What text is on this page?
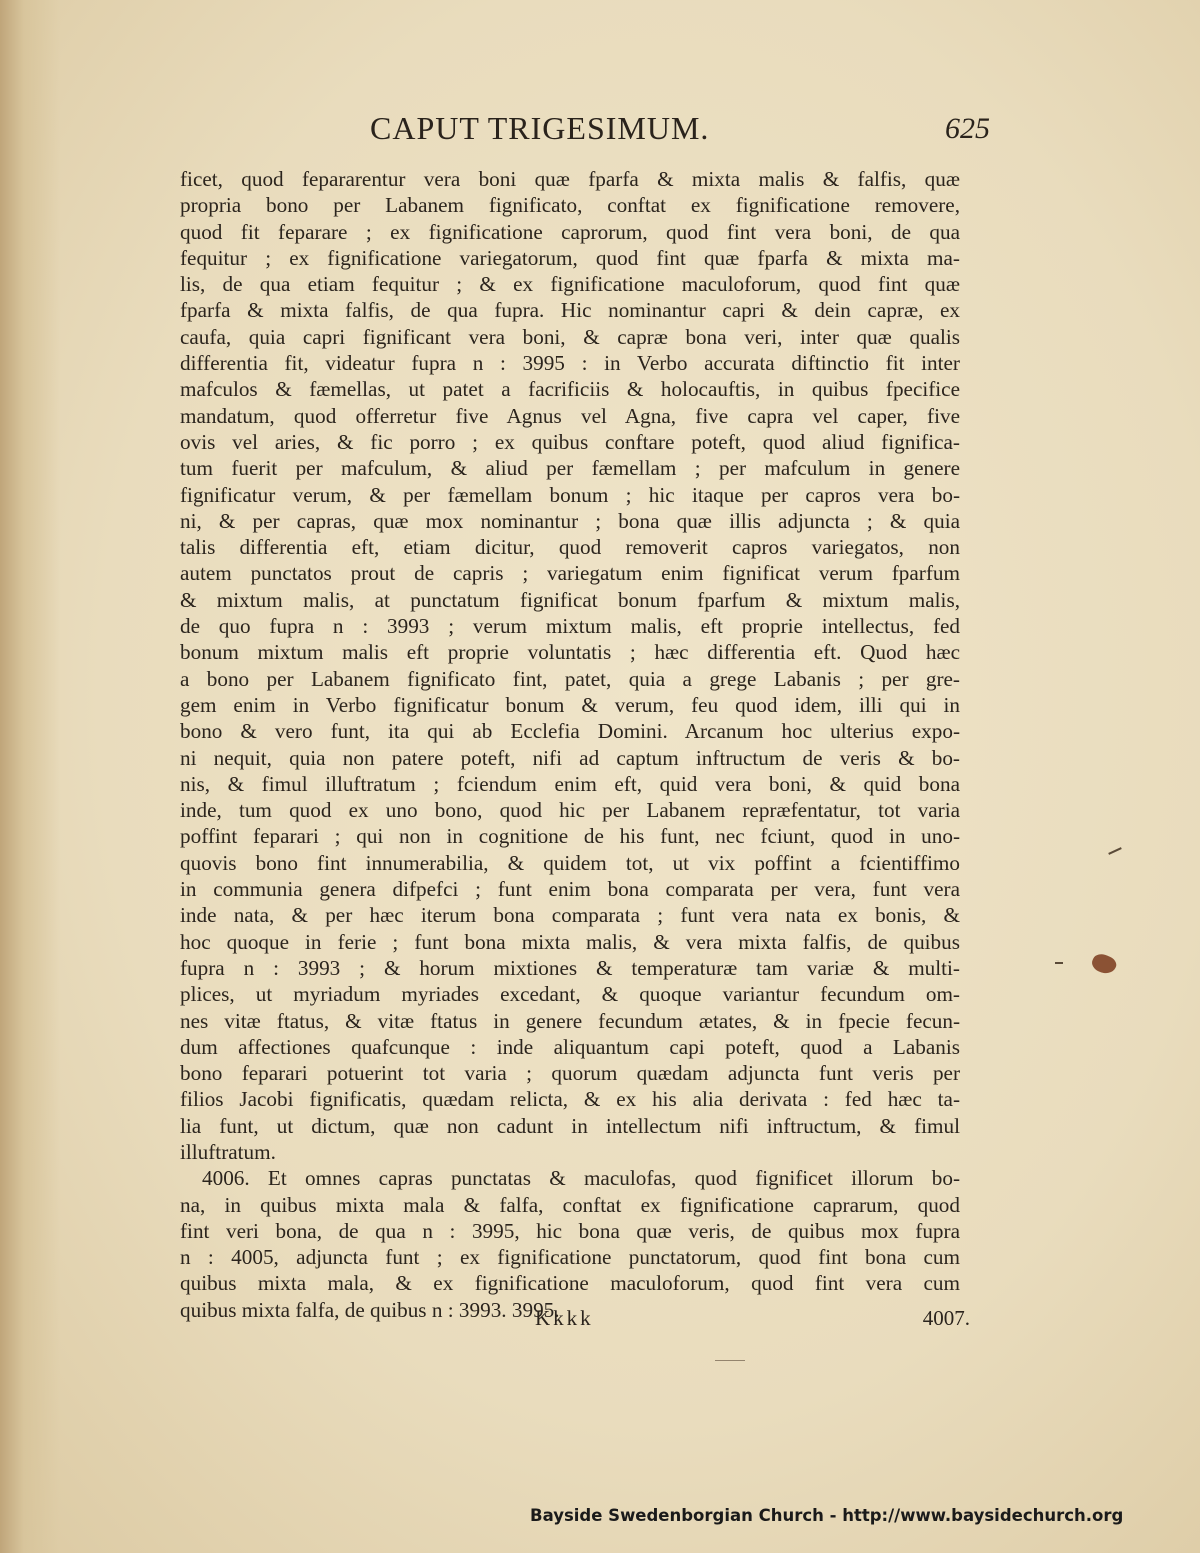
CAPUT TRIGESIMUM.	625
ficet, quod fepararentur vera boni quæ fparfa & mixta malis & falfis, quæ
propria bono per Labanem fignificato, conftat ex fignificatione removere,
quod fit feparare ; ex fignificatione caprorum, quod fint vera boni, de qua
fequitur ; ex fignificatione variegatorum, quod fint quæ fparfa & mixta ma-
lis, de qua etiam fequitur ; & ex fignificatione maculoforum, quod fint quæ
fparfa & mixta falfis, de qua fupra. Hic nominantur capri & dein capræ, ex
caufa, quia capri fignificant vera boni, & capræ bona veri, inter quæ qualis
differentia fit, videatur fupra n : 3995 : in Verbo accurata diftinctio fit inter
mafculos & fæmellas, ut patet a facrificiis & holocauftis, in quibus fpecifice
mandatum, quod offerretur five Agnus vel Agna, five capra vel caper, five
ovis vel aries, & fic porro ; ex quibus conftare poteft, quod aliud fignifica-
tum fuerit per mafculum, & aliud per fæmellam ; per mafculum in genere
fignificatur verum, & per fæmellam bonum ; hic itaque per capros vera bo-
ni, & per capras, quæ mox nominantur ; bona quæ illis adjuncta ; & quia
talis differentia eft, etiam dicitur, quod removerit capros variegatos, non
autem punctatos prout de capris ; variegatum enim fignificat verum fparfum
& mixtum malis, at punctatum fignificat bonum fparfum & mixtum malis,
de quo fupra n : 3993 ; verum mixtum malis, eft proprie intellectus, fed
bonum mixtum malis eft proprie voluntatis ; hæc differentia eft. Quod hæc
a bono per Labanem fignificato fint, patet, quia a grege Labanis ; per gre-
gem enim in Verbo fignificatur bonum & verum, feu quod idem, illi qui in
bono & vero funt, ita qui ab Ecclefia Domini. Arcanum hoc ulterius expo-
ni nequit, quia non patere poteft, nifi ad captum inftructum de veris & bo-
nis, & fimul illuftratum ; fciendum enim eft, quid vera boni, & quid bona
inde, tum quod ex uno bono, quod hic per Labanem repræfentatur, tot varia
poffint feparari ; qui non in cognitione de his funt, nec fciunt, quod in uno-
quovis bono fint innumerabilia, & quidem tot, ut vix poffint a fcientiffimo
in communia genera difpefci ; funt enim bona comparata per vera, funt vera
inde nata, & per hæc iterum bona comparata ; funt vera nata ex bonis, &
hoc quoque in ferie ; funt bona mixta malis, & vera mixta falfis, de quibus
fupra n : 3993 ; & horum mixtiones & temperaturæ tam variæ & multi-
plices, ut myriadum myriades excedant, & quoque variantur fecundum om-
nes vitæ ftatus, & vitæ ftatus in genere fecundum ætates, & in fpecie fecun-
dum affectiones quafcunque : inde aliquantum capi poteft, quod a Labanis
bono feparari potuerint tot varia ; quorum quædam adjuncta funt veris per
filios Jacobi fignificatis, quædam relicta, & ex his alia derivata : fed hæc ta-
lia funt, ut dictum, quæ non cadunt in intellectum nifi inftructum, & fimul
illuftratum.
4006. Et omnes capras punctatas & maculofas, quod fignificet illorum bo-
na, in quibus mixta mala & falfa, conftat ex fignificatione caprarum, quod
fint veri bona, de qua n : 3995, hic bona quæ veris, de quibus mox fupra
n : 4005, adjuncta funt ; ex fignificatione punctatorum, quod fint bona cum
quibus mixta mala, & ex fignificatione maculoforum, quod fint vera cum
quibus mixta falfa, de quibus n : 3993. 3995.
Kkkk	4007.
Bayside Swedenborgian Church - http://www.baysidechurch.org
